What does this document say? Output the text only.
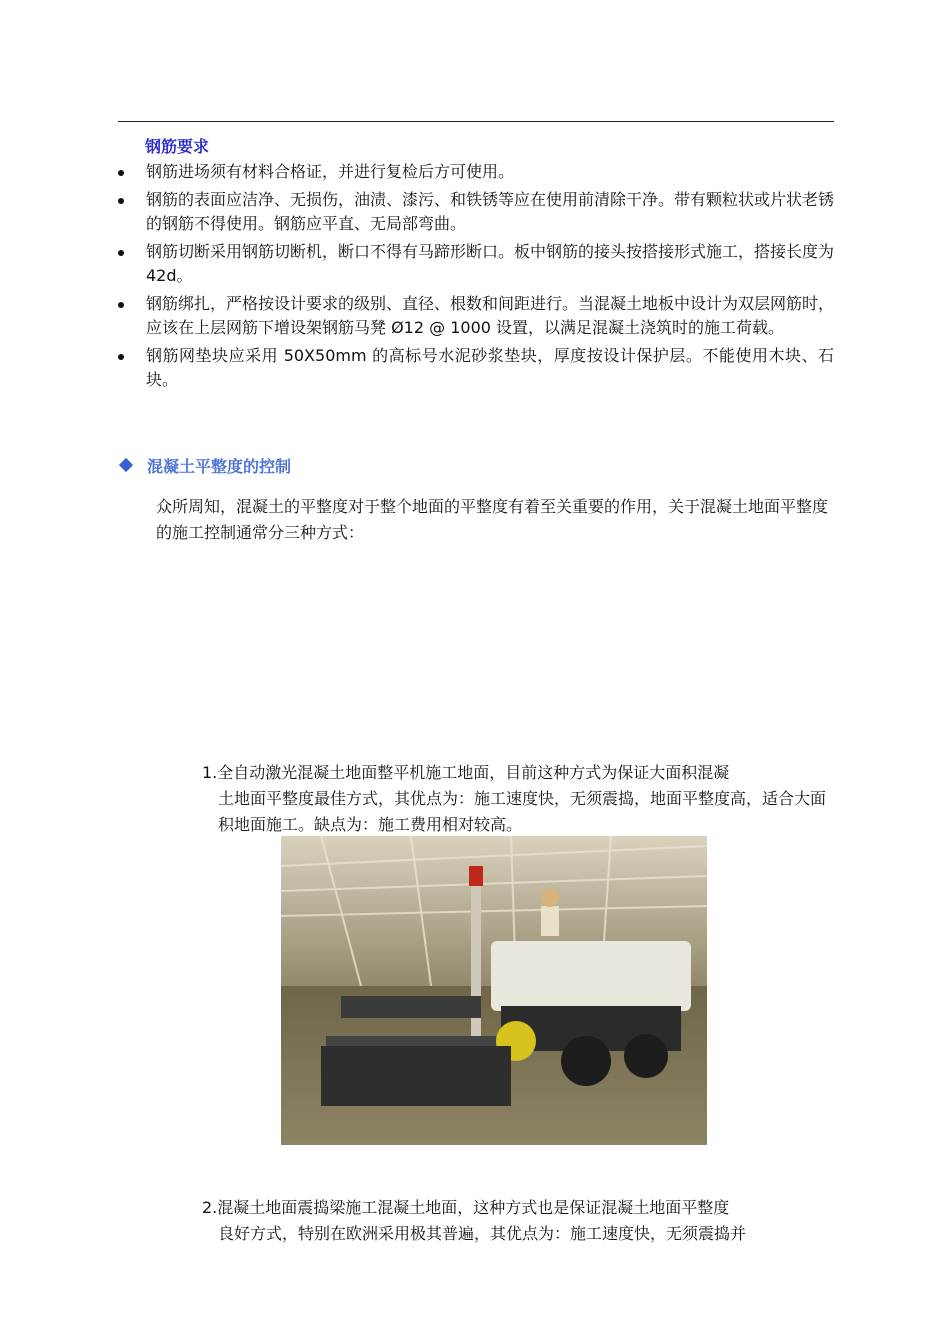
钢筋要求
钢筋进场须有材料合格证，并进行复检后方可使用。
钢筋的表面应洁净、无损伤，油渍、漆污、和铁锈等应在使用前清除干净。带有颗粒状或片状老锈的钢筋不得使用。钢筋应平直、无局部弯曲。
钢筋切断采用钢筋切断机，断口不得有马蹄形断口。板中钢筋的接头按搭接形式施工，搭接长度为 42d。
钢筋绑扎，严格按设计要求的级别、直径、根数和间距进行。当混凝土地板中设计为双层网筋时，应该在上层网筋下增设架钢筋马凳 Ø12 @ 1000 设置，以满足混凝土浇筑时的施工荷载。
钢筋网垫块应采用 50X50mm 的高标号水泥砂浆垫块，厚度按设计保护层。不能使用木块、石块。
混凝土平整度的控制
众所周知，混凝土的平整度对于整个地面的平整度有着至关重要的作用，关于混凝土地面平整度的施工控制通常分三种方式：
1.全自动激光混凝土地面整平机施工地面，目前这种方式为保证大面积混凝
土地面平整度最佳方式，其优点为：施工速度快，无须震捣，地面平整度高，适合大面积地面施工。缺点为：施工费用相对较高。
2.混凝土地面震捣梁施工混凝土地面，这种方式也是保证混凝土地面平整度
良好方式，特别在欧洲采用极其普遍，其优点为：施工速度快，无须震捣并
